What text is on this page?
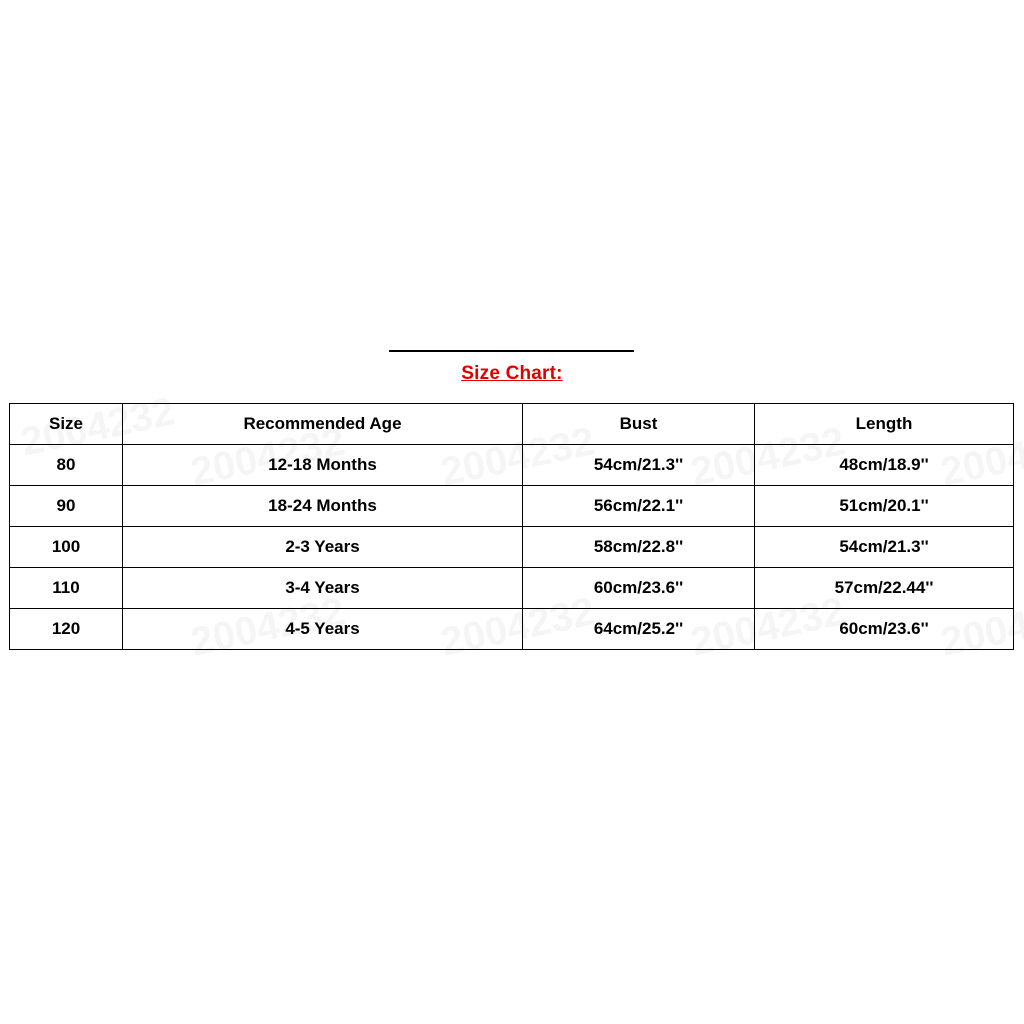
Size Chart:
Size	Recommended Age	Bust	Length
80	12-18 Months	54cm/21.3''	48cm/18.9''
90	18-24 Months	56cm/22.1''	51cm/20.1''
100	2-3 Years	58cm/22.8''	54cm/21.3''
110	3-4 Years	60cm/23.6''	57cm/22.44''
120	4-5 Years	64cm/25.2''	60cm/23.6''
